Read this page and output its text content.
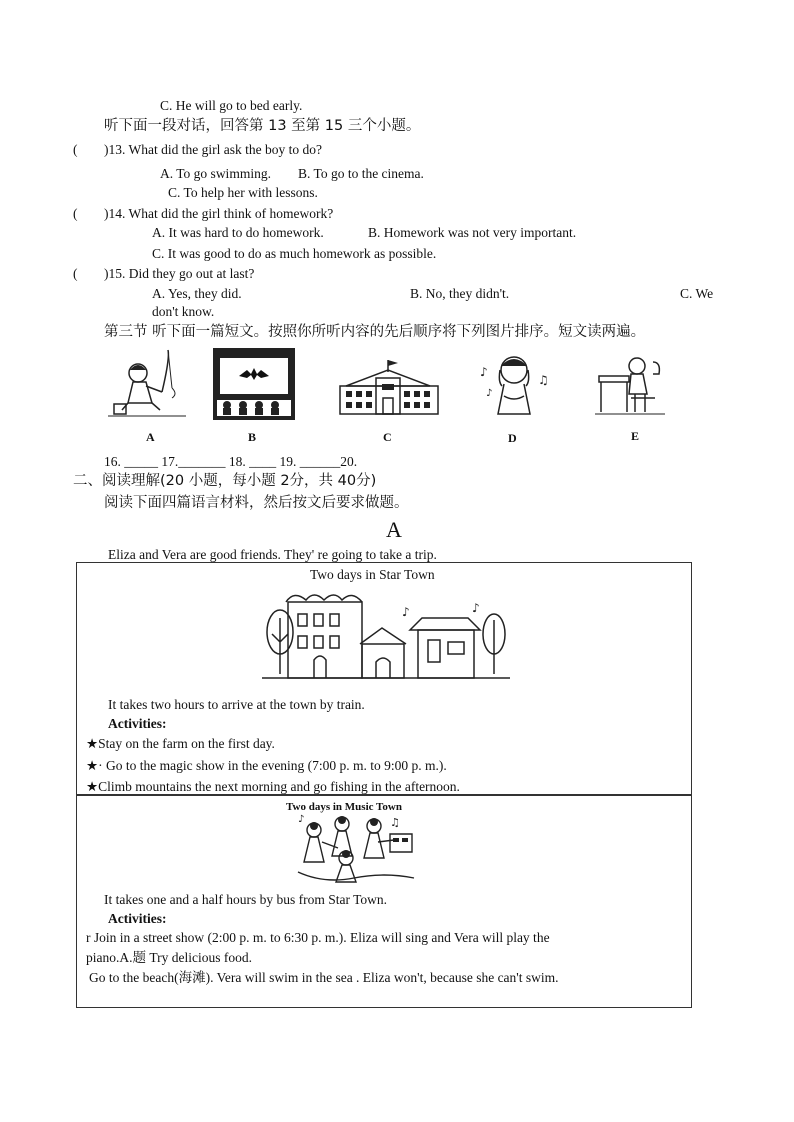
C. He will go to bed early.
听下面一段对话，回答第 13 至第 15 三个小题。
( )13. What did the girl ask the boy to do?
A. To go swimming. B. To go to the cinema.
C. To help her with lessons.
( )14. What did the girl think of homework?
A. It was hard to do homework.	B. Homework was not very important.
C. It was good to do as much homework as possible.
( )15. Did they go out at last?
A. Yes, they did.	B. No, they didn't.	C. We
don't know.
第三节 听下面一篇短文。按照你所听内容的先后顺序将下列图片排序。短文读两遍。
♪
♫
♪
A	B	C	D	E
16. _____ 17._______ 18. ____ 19. ______20.
二、阅读理解(20 小题，每小题 2分，共 40分)
阅读下面四篇语言材料，然后按文后要求做题。
A
Eliza and Vera are good friends. They' re going to take a trip.
Two days in Star Town
♪	♪
It takes two hours to arrive at the town by train.
Activities:
★Stay on the farm on the first day.
★· Go to the magic show in the evening (7:00 p. m. to 9:00 p. m.).
★Climb mountains the next morning and go fishing in the afternoon.
Two days in Music Town
♫
♪
It takes one and a half hours by bus from Star Town.
Activities:
r Join in a street show (2:00 p. m. to 6:30 p. m.). Eliza will sing and Vera will play the
piano.A.题 Try delicious food.
Go to the beach(海滩). Vera will swim in the sea . Eliza won't, because she can't swim.
